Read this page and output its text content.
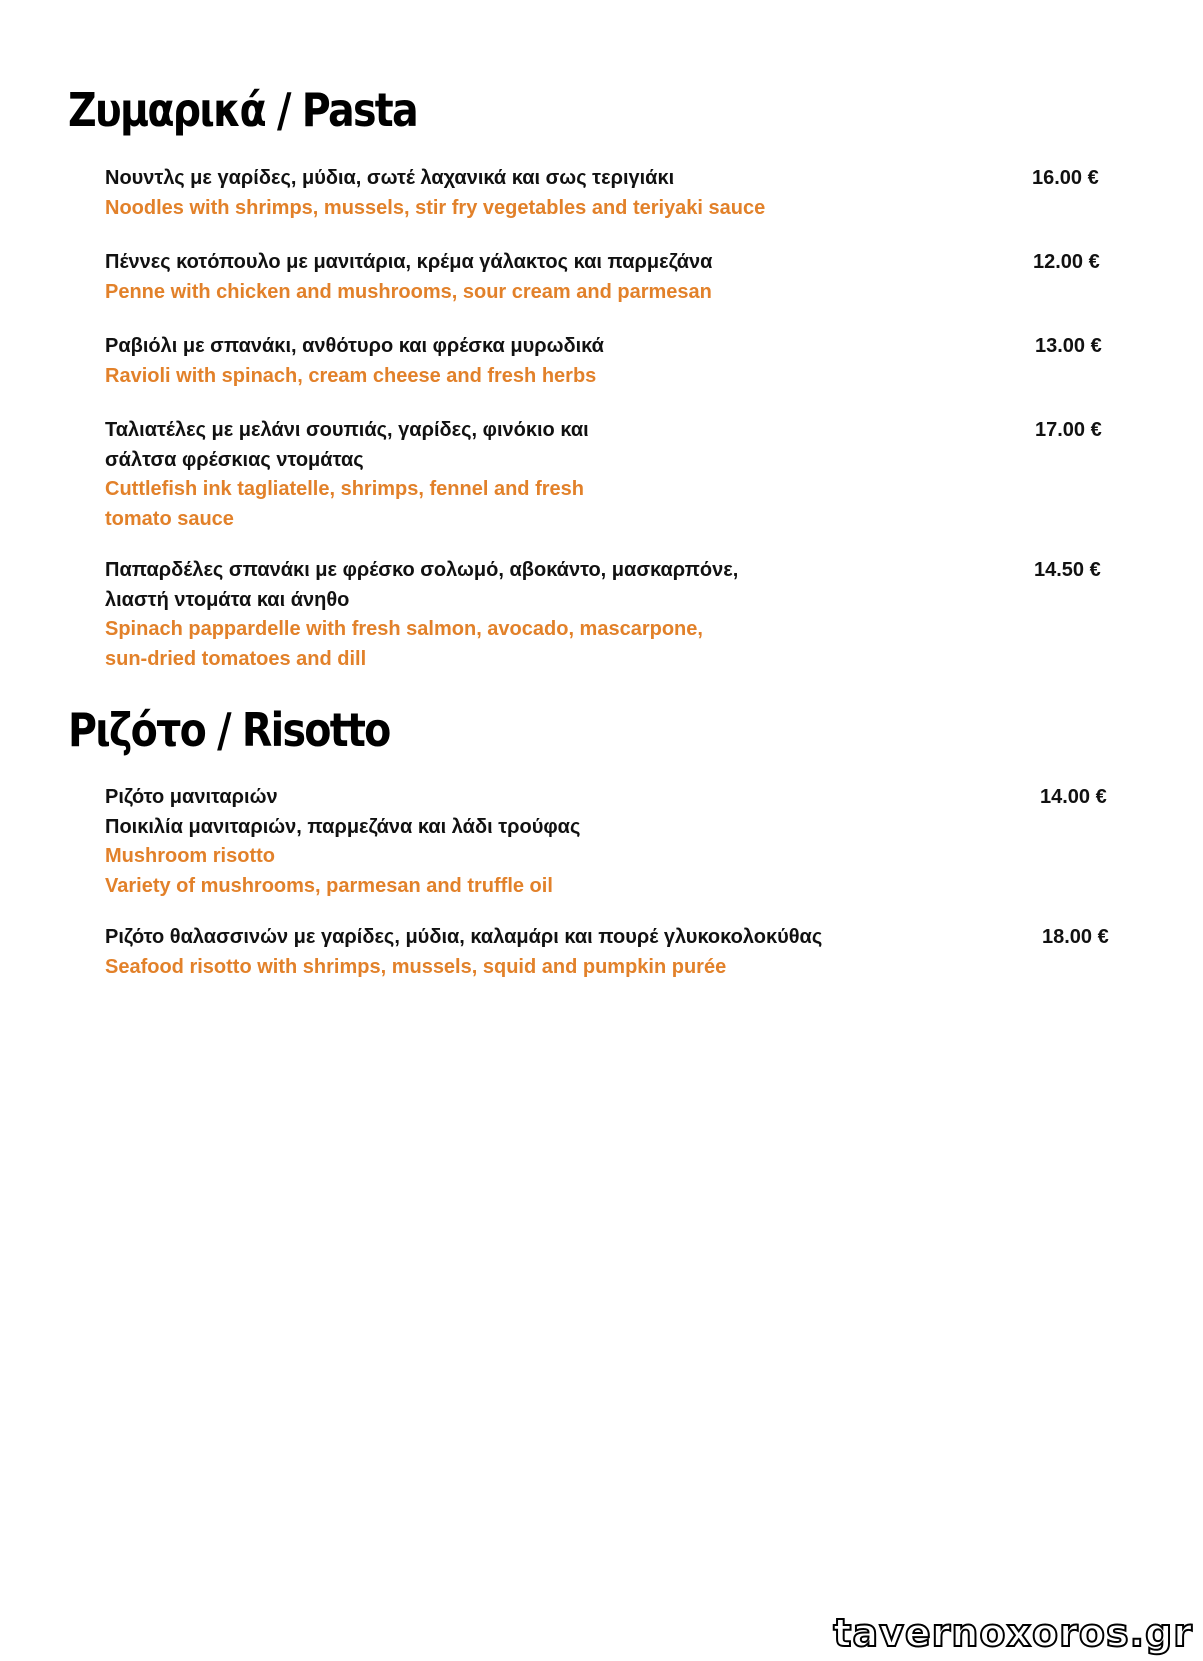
Ζυμαρικά / Pasta
Νουντλς με γαρίδες, μύδια, σωτέ λαχανικά και σως τεριγιάκι
Noodles with shrimps, mussels, stir fry vegetables and teriyaki sauce
16.00 €
Πέννες κοτόπουλο με μανιτάρια, κρέμα γάλακτος και παρμεζάνα
Penne with chicken and mushrooms, sour cream and parmesan
12.00 €
Ραβιόλι με σπανάκι, ανθότυρο και φρέσκα μυρωδικά
Ravioli with spinach, cream cheese and fresh herbs
13.00 €
Ταλιατέλες με μελάνι σουπιάς, γαρίδες, φινόκιο και
σάλτσα φρέσκιας ντομάτας
Cuttlefish ink tagliatelle, shrimps, fennel and fresh
tomato sauce
17.00 €
Παπαρδέλες σπανάκι με φρέσκο σολωμό, αβοκάντο, μασκαρπόνε,
λιαστή ντομάτα και άνηθο
Spinach pappardelle with fresh salmon, avocado, mascarpone,
sun-dried tomatoes and dill
14.50 €
Ριζότο / Risotto
Ριζότο μανιταριών
Ποικιλία μανιταριών, παρμεζάνα και λάδι τρούφας
Mushroom risotto
Variety of mushrooms, parmesan and truffle oil
14.00 €
Ριζότο θαλασσινών με γαρίδες, μύδια, καλαμάρι και πουρέ γλυκοκολοκύθας
Seafood risotto with shrimps, mussels, squid and pumpkin purée
18.00 €
tavernoxoros.gr
